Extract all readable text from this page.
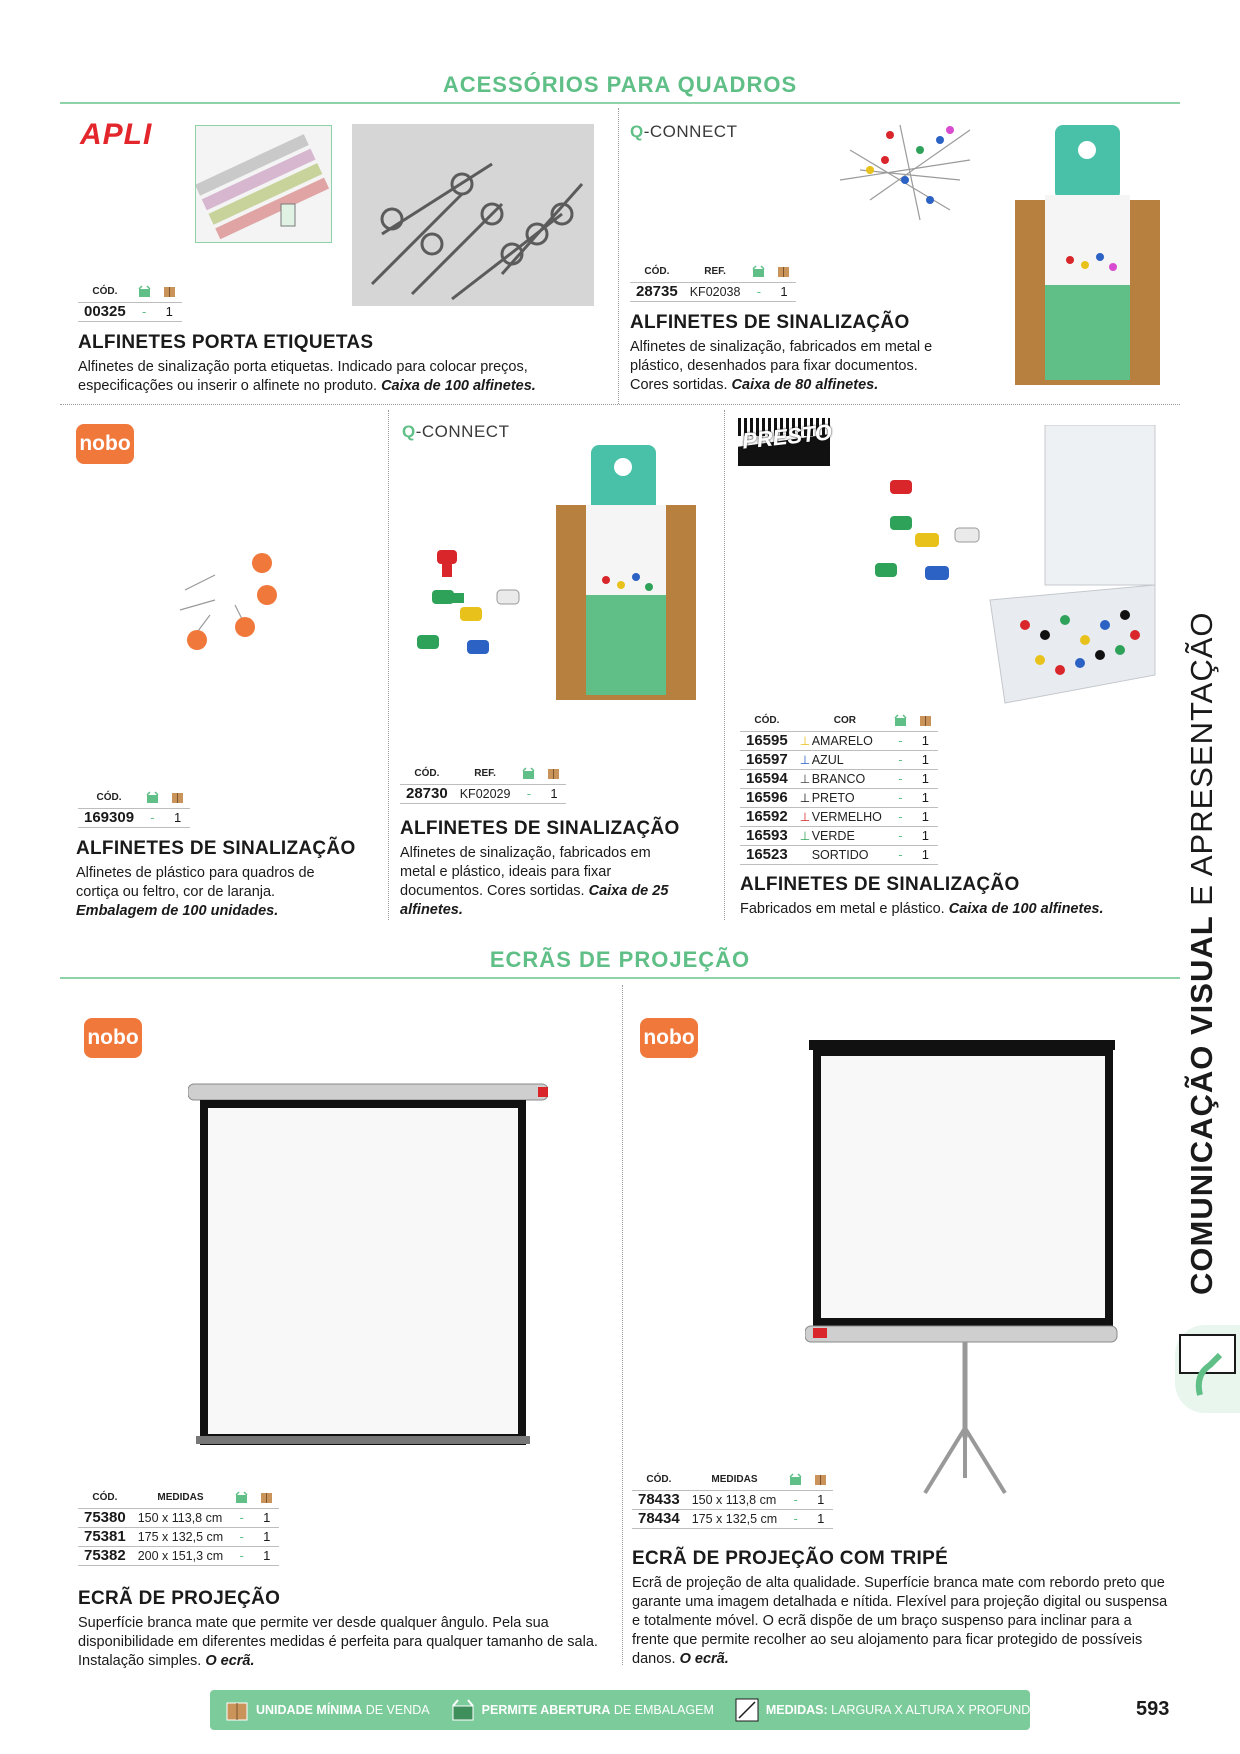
ACESSÓRIOS PARA QUADROS
APLI
CÓD.		
00325	-	1
ALFINETES PORTA ETIQUETAS
Alfinetes de sinalização porta etiquetas. Indicado para colocar preços, especificações ou inserir o alfinete no produto. Caixa de 100 alfinetes.
Q-CONNECT
CÓD.	REF.		
28735	KF02038	-	1
ALFINETES DE SINALIZAÇÃO
Alfinetes de sinalização, fabricados em metal e plástico, desenhados para fixar documentos. Cores sortidas. Caixa de 80 alfinetes.
nobo
CÓD.		
169309	-	1
ALFINETES DE SINALIZAÇÃO
Alfinetes de plástico para quadros de cortiça ou feltro, cor de laranja. Embalagem de 100 unidades.
Q-CONNECT
CÓD.	REF.		
28730	KF02029	-	1
ALFINETES DE SINALIZAÇÃO
Alfinetes de sinalização, fabricados em metal e plástico, ideais para fixar documentos. Cores sortidas. Caixa de 25 alfinetes.
PRESTO
CÓD.	COR		
16595	⊥ AMARELO	-	1
16597	⊥ AZUL	-	1
16594	⊥ BRANCO	-	1
16596	⊥ PRETO	-	1
16592	⊥ VERMELHO	-	1
16593	⊥ VERDE	-	1
16523	SORTIDO	-	1
ALFINETES DE SINALIZAÇÃO
Fabricados em metal e plástico. Caixa de 100 alfinetes.
ECRÃS DE PROJEÇÃO
nobo
CÓD.	MEDIDAS		
75380	150 x 113,8 cm	-	1
75381	175 x 132,5 cm	-	1
75382	200 x 151,3 cm	-	1
ECRÃ DE PROJEÇÃO
Superfície branca mate que permite ver desde qualquer ângulo. Pela sua disponibilidade em diferentes medidas é perfeita para qualquer tamanho de sala. Instalação simples. O ecrã.
nobo
CÓD.	MEDIDAS		
78433	150 x 113,8 cm	-	1
78434	175 x 132,5 cm	-	1
ECRÃ DE PROJEÇÃO COM TRIPÉ
Ecrã de projeção de alta qualidade. Superfície branca mate com rebordo preto que garante uma imagem detalhada e nítida. Flexível para projeção digital ou suspensa e totalmente móvel. O ecrã dispõe de um braço suspenso para inclinar para a frente que permite recolher ao seu alojamento para ficar protegido de possíveis danos. O ecrã.
COMUNICAÇÃO VISUAL E APRESENTAÇÃO
UNIDADE MÍNIMA DE VENDA	PERMITE ABERTURA DE EMBALAGEM	MEDIDAS: LARGURA X ALTURA X PROFUNDIDADE	593
